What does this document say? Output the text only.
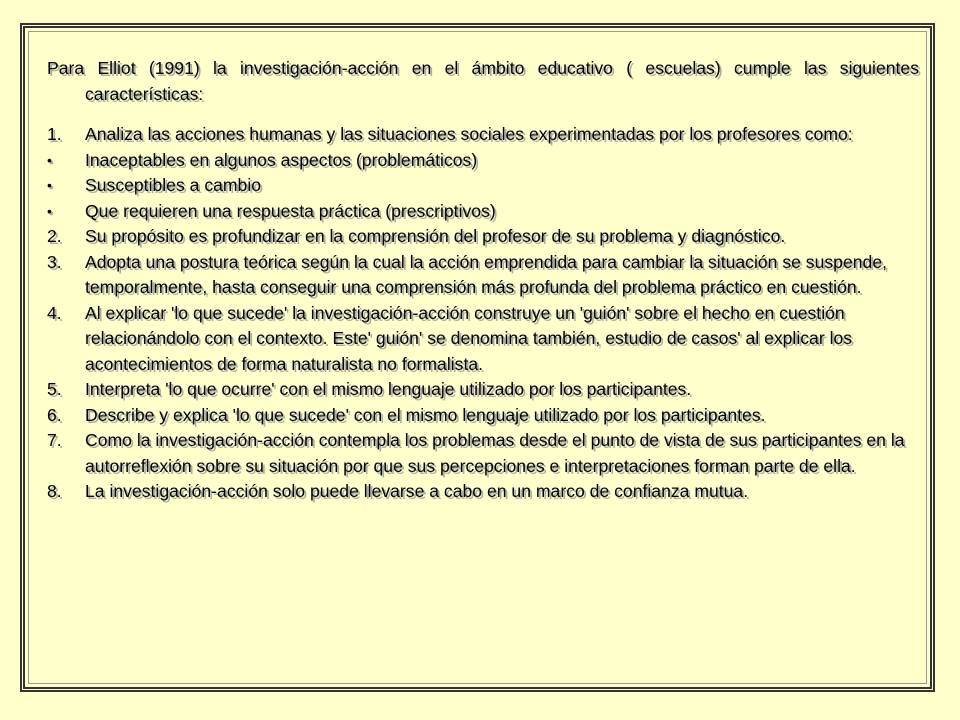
Para Elliot (1991) la investigación-acción en el ámbito educativo ( escuelas) cumple las siguientes características:

1.	Analiza las acciones humanas y las situaciones sociales experimentadas por los profesores como:
•	Inaceptables en algunos aspectos (problemáticos)
•	Susceptibles a cambio
•	Que requieren una respuesta práctica (prescriptivos)
2.	Su propósito es profundizar en la comprensión del profesor de su problema y diagnóstico.
3.	Adopta una postura teórica según la cual la acción emprendida para cambiar la situación se suspende, temporalmente, hasta conseguir una comprensión más profunda del problema práctico en cuestión.
4.	Al explicar 'lo que sucede' la investigación-acción construye un 'guión' sobre el hecho en cuestión relacionándolo con el contexto. Este' guión' se denomina también, estudio de casos' al explicar los acontecimientos de forma naturalista no formalista.
5.	Interpreta 'lo que ocurre' con el mismo lenguaje utilizado por los participantes.
6.	Describe y explica 'lo que sucede' con el mismo lenguaje utilizado por los participantes.
7.	Como la investigación-acción contempla los problemas desde el punto de vista de sus participantes en la autorreflexión sobre su situación por que sus percepciones e interpretaciones forman parte de ella.
8.	La investigación-acción solo puede llevarse a cabo en un marco de confianza mutua.
